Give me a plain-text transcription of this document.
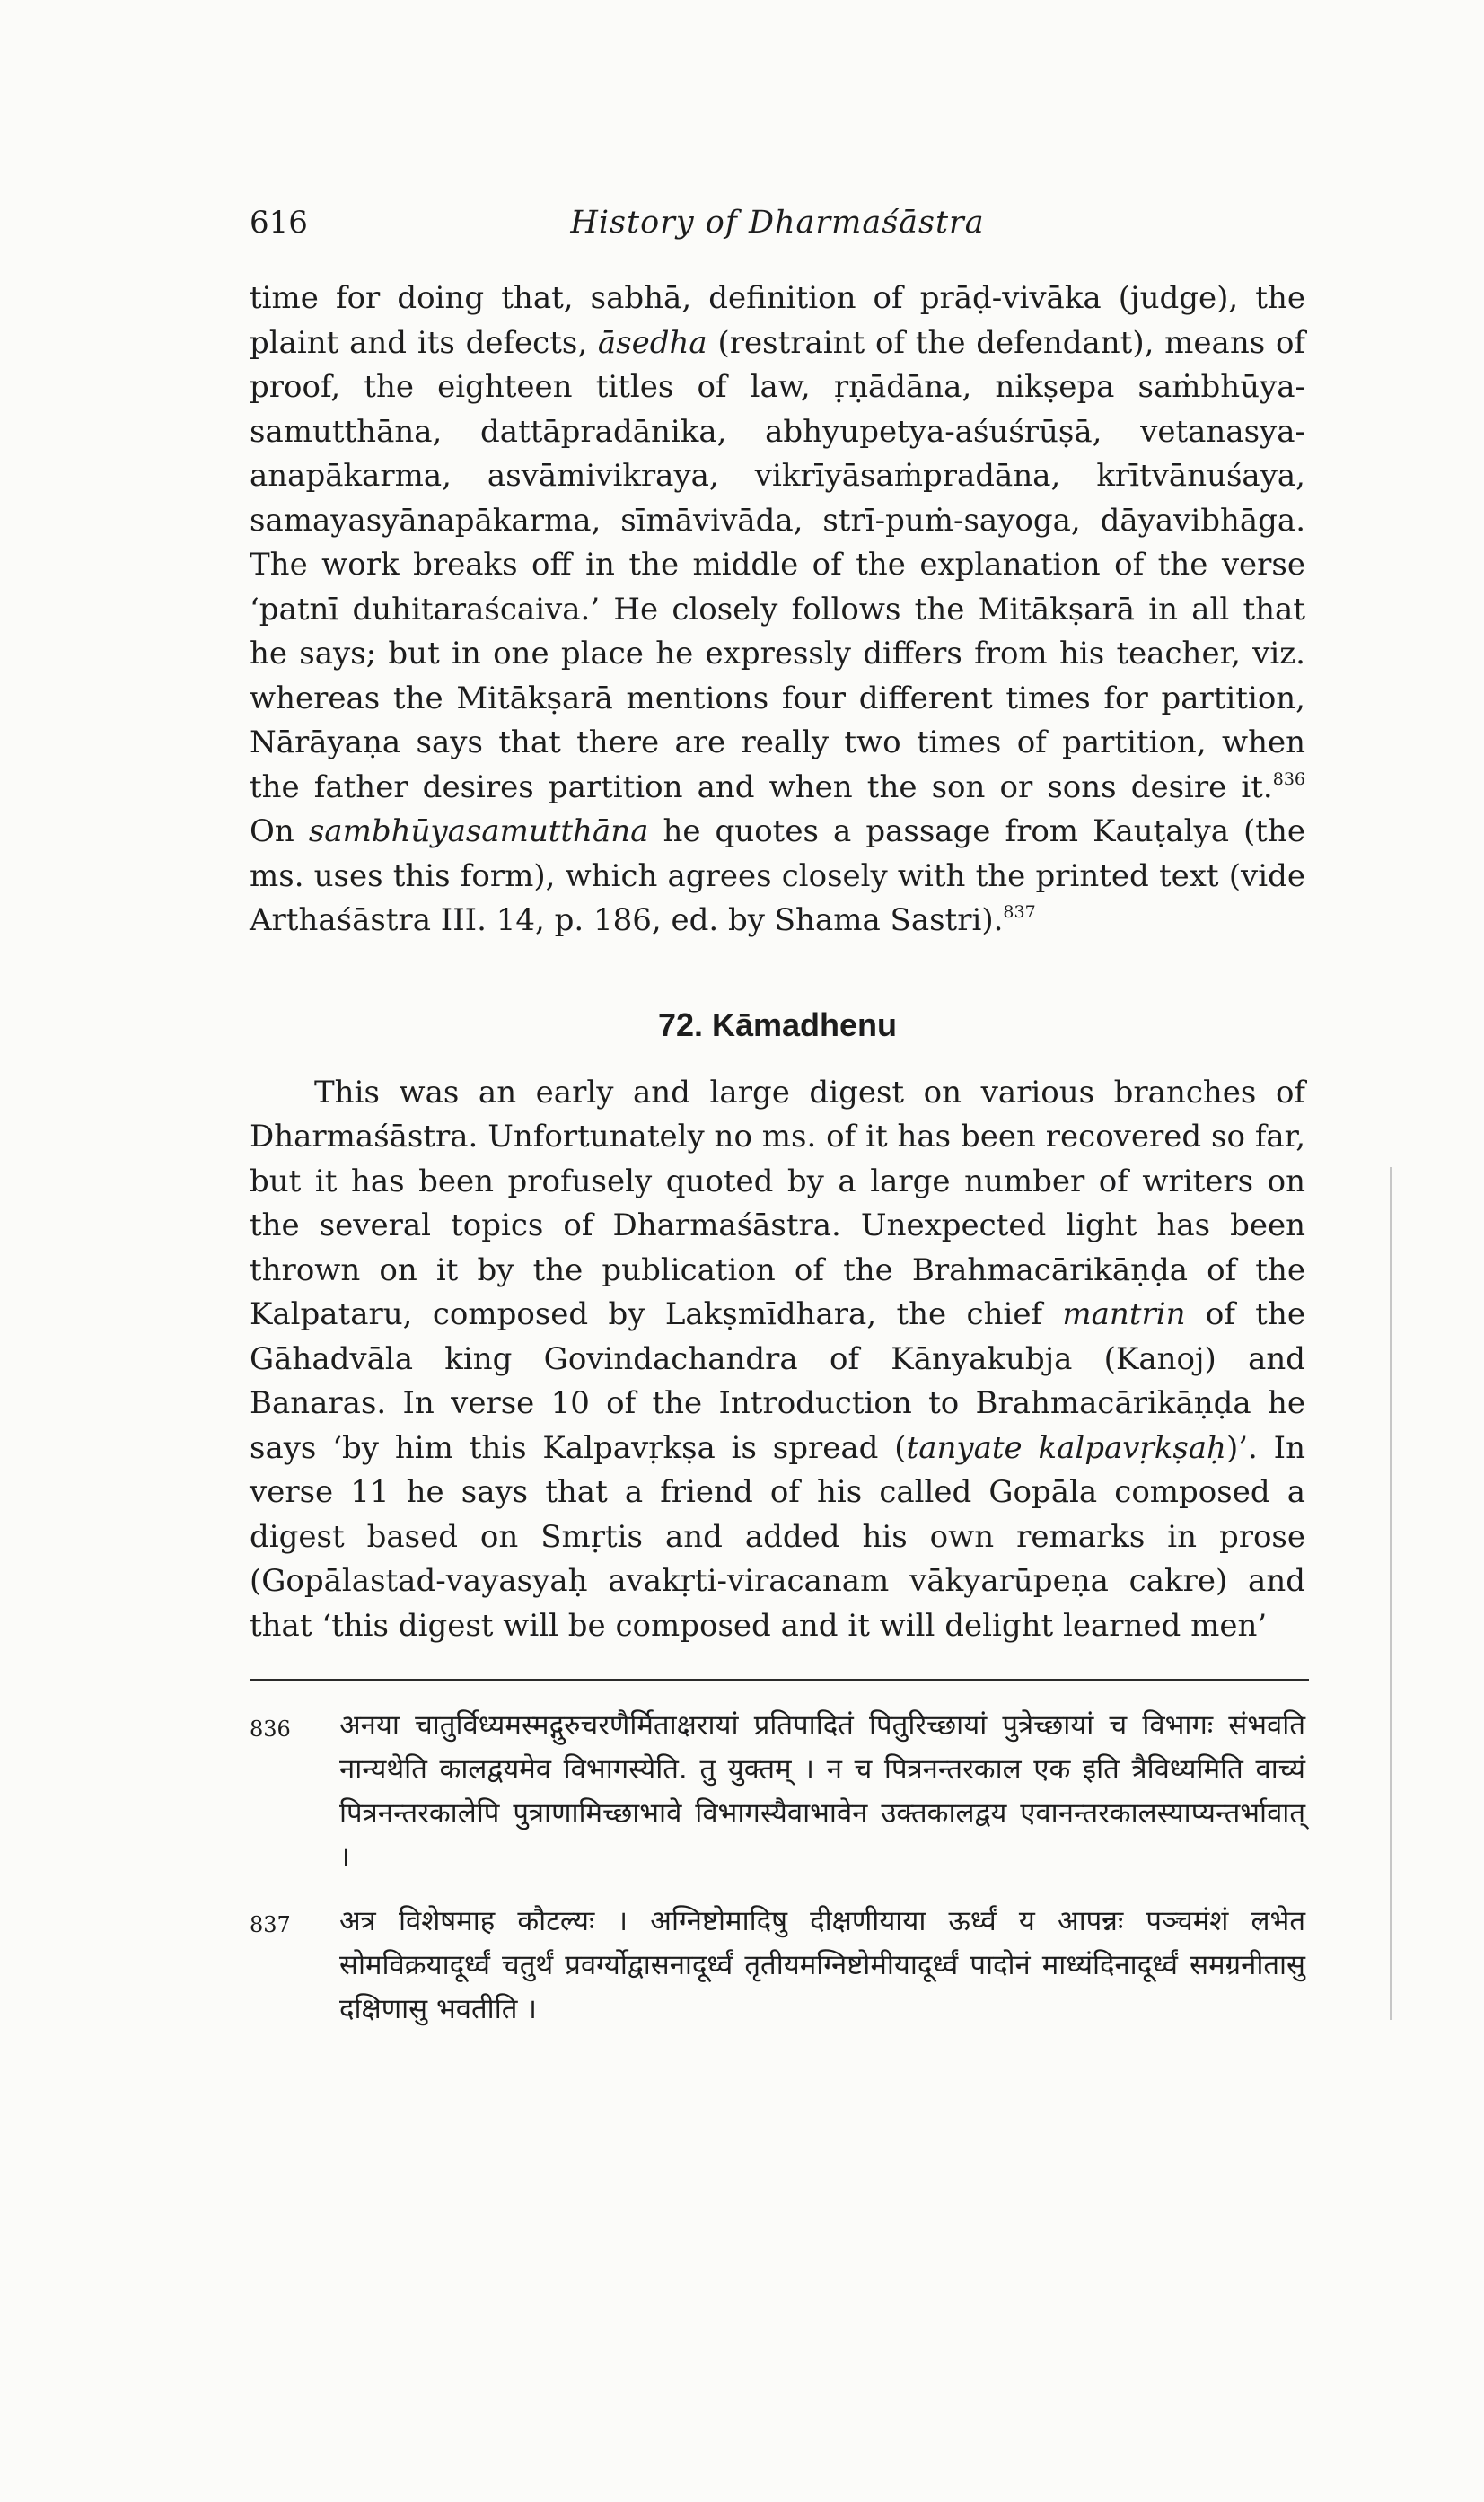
616	History of Dharmaśāstra

time for doing that, sabhā, definition of prāḍ-vivāka (judge), the plaint and its defects, āsedha (restraint of the defendant), means of proof, the eighteen titles of law, ṛṇādāna, nikṣepa saṁbhūya-samutthāna, dattāpradānika, abhyupetya-aśuśrūṣā, vetanasya-anapākarma, asvāmivikraya, vikrīyāsaṁpradāna, krītvānuśaya, samayasyānapākarma, sīmāvivāda, strī-puṁ-sayoga, dāyavibhāga. The work breaks off in the middle of the explanation of the verse ‘patnī duhitaraścaiva.’ He closely follows the Mitākṣarā in all that he says; but in one place he expressly differs from his teacher, viz. whereas the Mitākṣarā mentions four different times for partition, Nārāyaṇa says that there are really two times of partition, when the father desires partition and when the son or sons desire it.$^{836}$ On sambhūyasamutthāna he quotes a passage from Kauṭalya (the ms. uses this form), which agrees closely with the printed text (vide Arthaśāstra III. 14, p. 186, ed. by Shama Sastri).$^{837}$

72. Kāmadhenu

This was an early and large digest on various branches of Dharmaśāstra. Unfortunately no ms. of it has been recovered so far, but it has been profusely quoted by a large number of writers on the several topics of Dharmaśāstra. Unexpected light has been thrown on it by the publication of the Brahmacārikāṇḍa of the Kalpataru, composed by Lakṣmīdhara, the chief mantrin of the Gāhadvāla king Govindachandra of Kānyakubja (Kanoj) and Banaras. In verse 10 of the Introduction to Brahmacārikāṇḍa he says ‘by him this Kalpavṛkṣa is spread (tanyate kalpavṛkṣaḥ)’. In verse 11 he says that a friend of his called Gopāla composed a digest based on Smṛtis and added his own remarks in prose (Gopālastad-vayasyaḥ avakṛti-viracanam vākyarūpeṇa cakre) and that ‘this digest will be composed and it will delight learned men’

836	अनया चातुर्विध्यमस्मद्गुरुचरणैर्मिताक्षरायां प्रतिपादितं पितुरिच्छायां पुत्रेच्छायां च विभागः संभवति नान्यथेति कालद्वयमेव विभागस्येति. तु युक्तम् । न च पित्रनन्तरकाल एक इति त्रैविध्यमिति वाच्यं पित्रनन्तरकालेपि पुत्राणामिच्छाभावे विभागस्यैवाभावेन उक्तकालद्वय एवानन्तरकालस्याप्यन्तर्भावात् ।
837	अत्र विशेषमाह कौटल्यः । अग्निष्टोमादिषु दीक्षणीयाया ऊर्ध्वं य आपन्नः पञ्चमंशं लभेत सोमविक्रयादूर्ध्वं चतुर्थं प्रवर्ग्योद्वासनादूर्ध्वं तृतीयमग्निष्टोमीयादूर्ध्वं पादोनं माध्यंदिनादूर्ध्वं समग्रनीतासु दक्षिणासु भवतीति ।
